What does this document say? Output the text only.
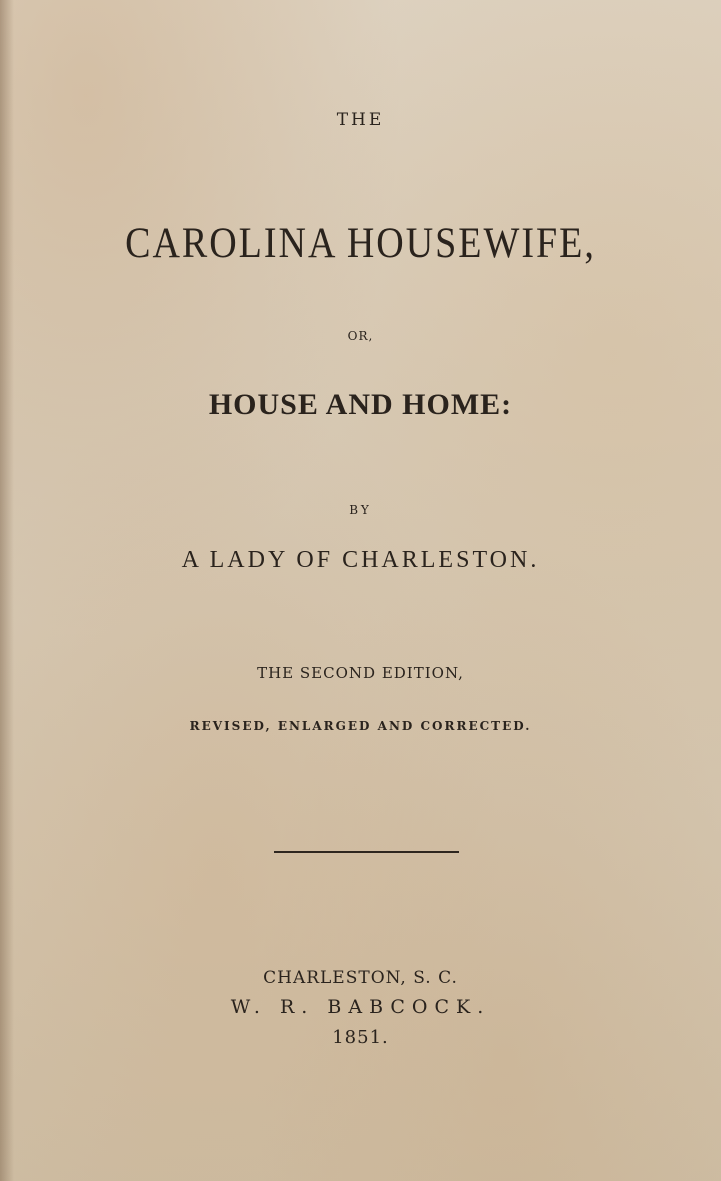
THE
CAROLINA HOUSEWIFE,
OR,
HOUSE AND HOME:
BY
A LADY OF CHARLESTON.
THE SECOND EDITION,
REVISED, ENLARGED AND CORRECTED.
CHARLESTON, S. C.
W. R. BABCOCK.
1851.
